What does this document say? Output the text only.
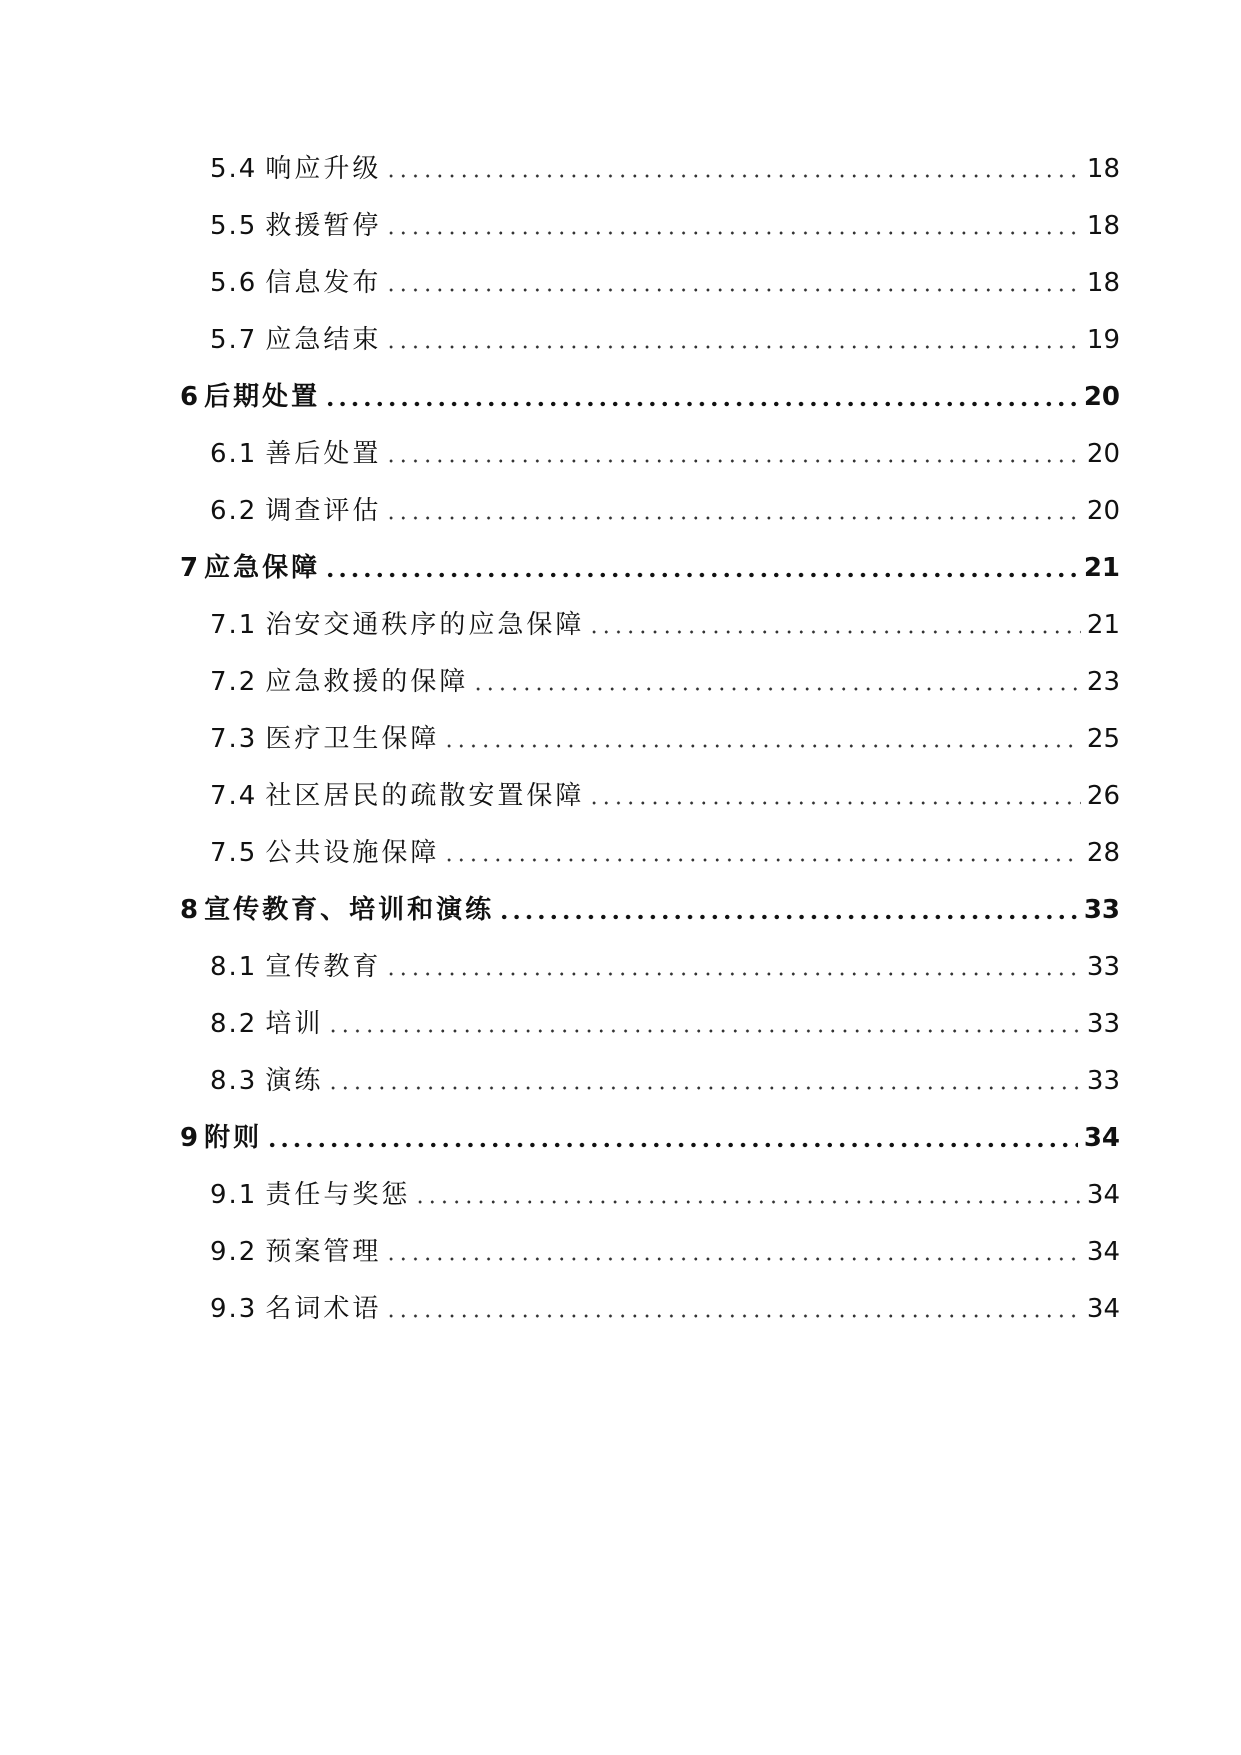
5.4 响应升级	18
5.5 救援暂停	18
5.6 信息发布	18
5.7 应急结束	19
6 后期处置	20
6.1 善后处置	20
6.2 调查评估	20
7 应急保障	21
7.1 治安交通秩序的应急保障	21
7.2 应急救援的保障	23
7.3 医疗卫生保障	25
7.4 社区居民的疏散安置保障	26
7.5 公共设施保障	28
8 宣传教育、培训和演练	33
8.1 宣传教育	33
8.2 培训	33
8.3 演练	33
9 附则	34
9.1 责任与奖惩	34
9.2 预案管理	34
9.3 名词术语	34
